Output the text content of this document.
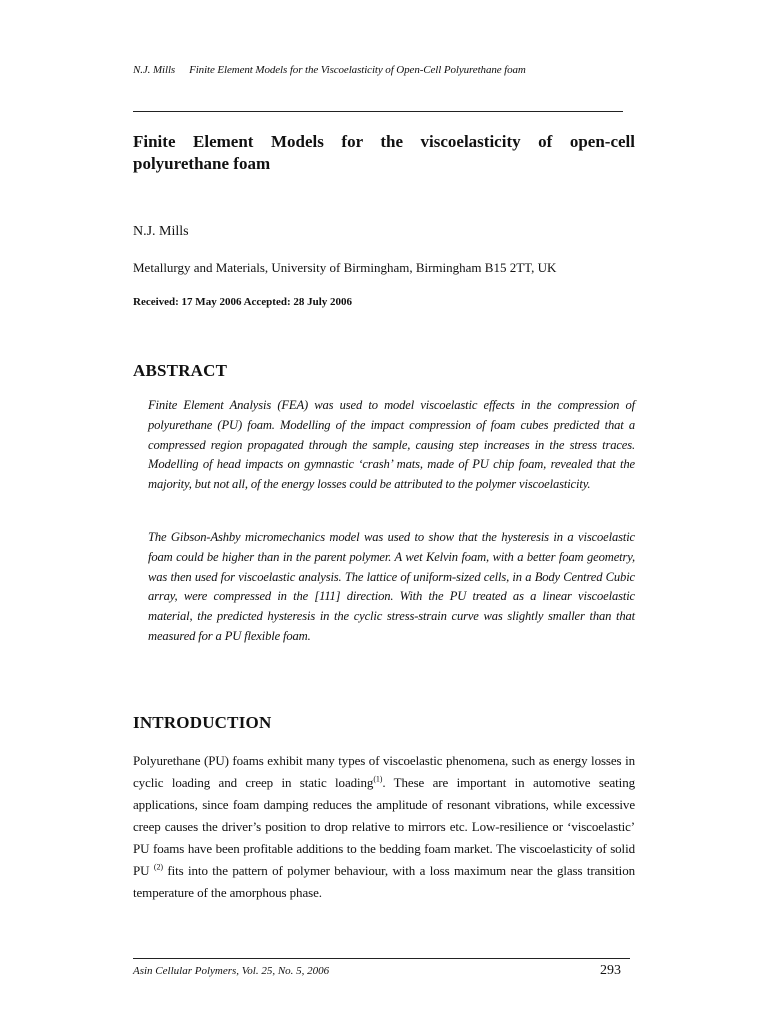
N.J. Mills Finite Element Models for the Viscoelasticity of Open-Cell Polyurethane foam
Finite Element Models for the viscoelasticity of open-cell polyurethane foam
N.J. Mills
Metallurgy and Materials, University of Birmingham, Birmingham B15 2TT, UK
Received: 17 May 2006 Accepted: 28 July 2006
ABSTRACT

Finite Element Analysis (FEA) was used to model viscoelastic effects in the compression of polyurethane (PU) foam. Modelling of the impact compression of foam cubes predicted that a compressed region propagated through the sample, causing step increases in the stress traces. Modelling of head impacts on gymnastic ‘crash’ mats, made of PU chip foam, revealed that the majority, but not all, of the energy losses could be attributed to the polymer viscoelasticity.

The Gibson-Ashby micromechanics model was used to show that the hysteresis in a viscoelastic foam could be higher than in the parent polymer. A wet Kelvin foam, with a better foam geometry, was then used for viscoelastic analysis. The lattice of uniform-sized cells, in a Body Centred Cubic array, were compressed in the [111] direction. With the PU treated as a linear viscoelastic material, the predicted hysteresis in the cyclic stress-strain curve was slightly smaller than that measured for a PU flexible foam.

INTRODUCTION

Polyurethane (PU) foams exhibit many types of viscoelastic phenomena, such as energy losses in cyclic loading and creep in static loading$^{(1)}$. These are important in automotive seating applications, since foam damping reduces the amplitude of resonant vibrations, while excessive creep causes the driver’s position to drop relative to mirrors etc. Low-resilience or ‘viscoelastic’ PU foams have been profitable additions to the bedding foam market. The viscoelasticity of solid PU $^{(2)}$ fits into the pattern of polymer behaviour, with a loss maximum near the glass transition temperature of the amorphous phase.

Asin Cellular Polymers, Vol. 25, No. 5, 2006	293
